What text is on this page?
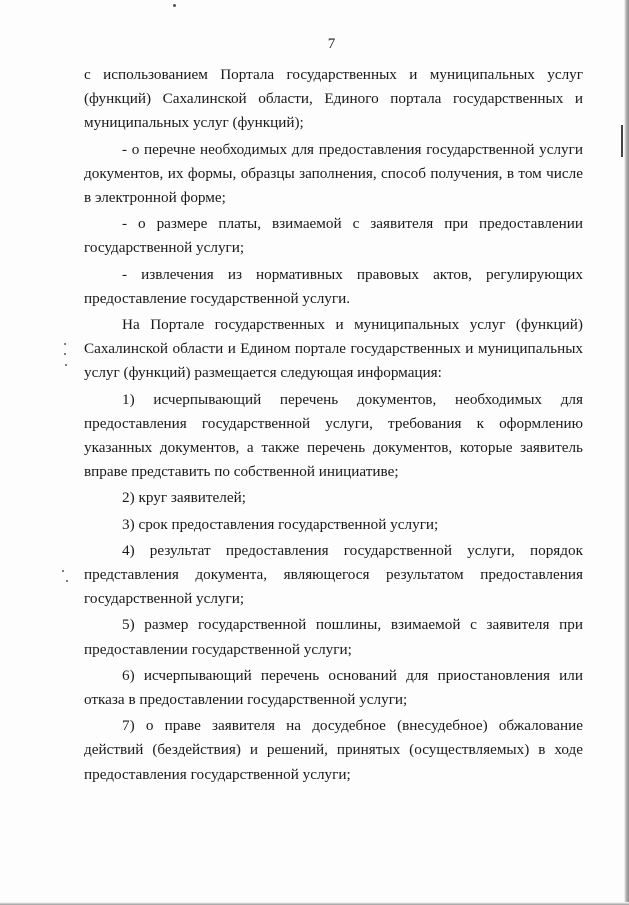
7

с использованием Портала государственных и муниципальных услуг (функций) Сахалинской области, Единого портала государственных и муниципальных услуг (функций);

- о перечне необходимых для предоставления государственной услуги документов, их формы, образцы заполнения, способ получения, в том числе в электронной форме;

- о размере платы, взимаемой с заявителя при предоставлении государственной услуги;

- извлечения из нормативных правовых актов, регулирующих предоставление государственной услуги.

На Портале государственных и муниципальных услуг (функций) Сахалинской области и Едином портале государственных и муниципальных услуг (функций) размещается следующая информация:

1) исчерпывающий перечень документов, необходимых для предоставления государственной услуги, требования к оформлению указанных документов, а также перечень документов, которые заявитель вправе представить по собственной инициативе;

2) круг заявителей;

3) срок предоставления государственной услуги;

4) результат предоставления государственной услуги, порядок представления документа, являющегося результатом предоставления государственной услуги;

5) размер государственной пошлины, взимаемой с заявителя при предоставлении государственной услуги;

6) исчерпывающий перечень оснований для приостановления или отказа в предоставлении государственной услуги;

7) о праве заявителя на досудебное (внесудебное) обжалование действий (бездействия) и решений, принятых (осуществляемых) в ходе предоставления государственной услуги;
